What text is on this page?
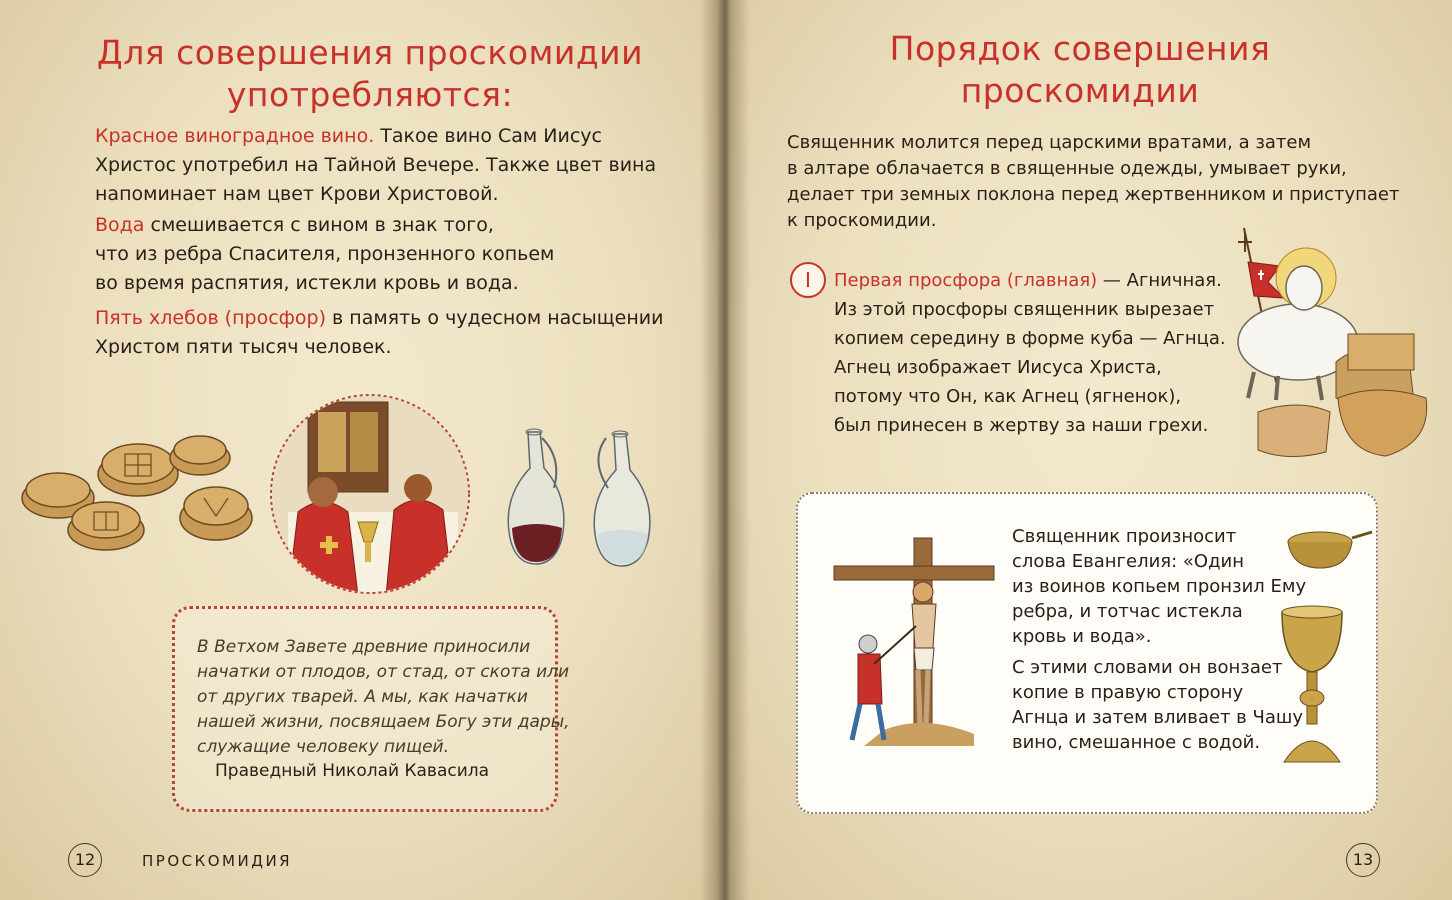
Для совершения проскомидии
употребляются:

Красное виноградное вино. Такое вино Сам Иисус
Христос употребил на Тайной Вечере. Также цвет вина
напоминает нам цвет Крови Христовой.

Вода смешивается с вином в знак того,
что из ребра Спасителя, пронзенного копьем
во время распятия, истекли кровь и вода.

Пять хлебов (просфор) в память о чудесном насыщении
Христом пяти тысяч человек.

В Ветхом Завете древние приносили
начатки от плодов, от стад, от скота или
от других тварей. А мы, как начатки
нашей жизни, посвящаем Богу эти дары,
служащие человеку пищей.

Праведный Николай Кавасила
12	ПРОСКОМИДИЯ
Порядок совершения
проскомидии

Священник молится перед царскими вратами, а затем
в алтаре облачается в священные одежды, умывает руки,
делает три земных поклона перед жертвенником и приступает
к проскомидии.

I	Первая просфора (главная) — Агничная.
Из этой просфоры священник вырезает
копием середину в форме куба — Агнца.
Агнец изображает Иисуса Христа,
потому что Он, как Агнец (ягненок),
был принесен в жертву за наши грехи.

Священник произносит
слова Евангелия: «Один
из воинов копьем пронзил Ему
ребра, и тотчас истекла
кровь и вода».
С этими словами он вонзает
копие в правую сторону
Агнца и затем вливает в Чашу
вино, смешанное с водой.
13
